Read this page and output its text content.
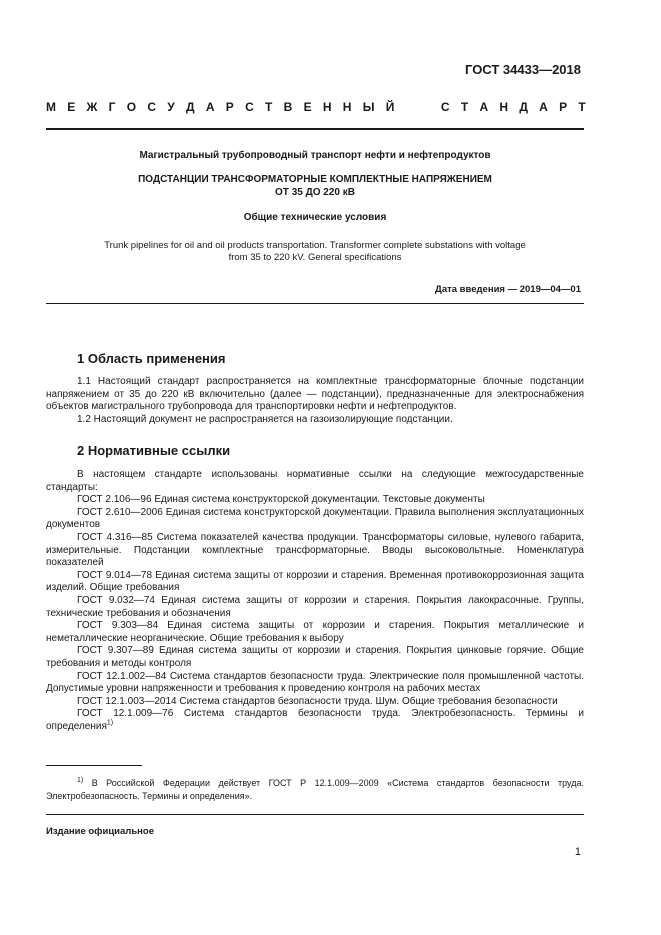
ГОСТ 34433—2018
М Е Ж Г О С У Д А Р С Т В Е Н Н Ы Й
	С Т А Н Д А Р Т
Магистральный трубопроводный транспорт нефти и нефтепродуктов
ПОДСТАНЦИИ ТРАНСФОРМАТОРНЫЕ КОМПЛЕКТНЫЕ НАПРЯЖЕНИЕМ
ОТ 35 ДО 220 кВ
Общие технические условия
Trunk pipelines for oil and oil products transportation. Transformer complete substations with voltage
from 35 to 220 kV. General specifications
Дата введения — 2019—04—01
1 Область применения

1.1 Настоящий стандарт распространяется на комплектные трансформаторные блочные подстанции напряжением от 35 до 220 кВ включительно (далее — подстанции), предназначенные для электроснабжения объектов магистрального трубопровода для транспортировки нефти и нефтепродуктов.

1.2 Настоящий документ не распространяется на газоизолирующие подстанции.

2 Нормативные ссылки

В настоящем стандарте использованы нормативные ссылки на следующие межгосударственные стандарты:

ГОСТ 2.106—96 Единая система конструкторской документации. Текстовые документы

ГОСТ 2.610—2006 Единая система конструкторской документации. Правила выполнения эксплуатационных документов

ГОСТ 4.316—85 Система показателей качества продукции. Трансформаторы силовые, нулевого габарита, измерительные. Подстанции комплектные трансформаторные. Вводы высоковольтные. Номенклатура показателей

ГОСТ 9.014—78 Единая система защиты от коррозии и старения. Временная противокоррозионная защита изделий. Общие требования

ГОСТ 9.032—74 Единая система защиты от коррозии и старения. Покрытия лакокрасочные. Группы, технические требования и обозначения

ГОСТ 9.303—84 Единая система защиты от коррозии и старения. Покрытия металлические и неметаллические неорганические. Общие требования к выбору

ГОСТ 9.307—89 Единая система защиты от коррозии и старения. Покрытия цинковые горячие. Общие требования и методы контроля

ГОСТ 12.1.002—84 Система стандартов безопасности труда. Электрические поля промышленной частоты. Допустимые уровни напряженности и требования к проведению контроля на рабочих местах

ГОСТ 12.1.003—2014 Система стандартов безопасности труда. Шум. Общие требования безопасности

ГОСТ 12.1.009—76 Система стандартов безопасности труда. Электробезопасность. Термины и определения$^{1)}$

$^{1)}$ В Российской Федерации действует ГОСТ Р 12.1.009—2009 «Система стандартов безопасности труда. Электробезопасность. Термины и определения».

Издание официальное
1
